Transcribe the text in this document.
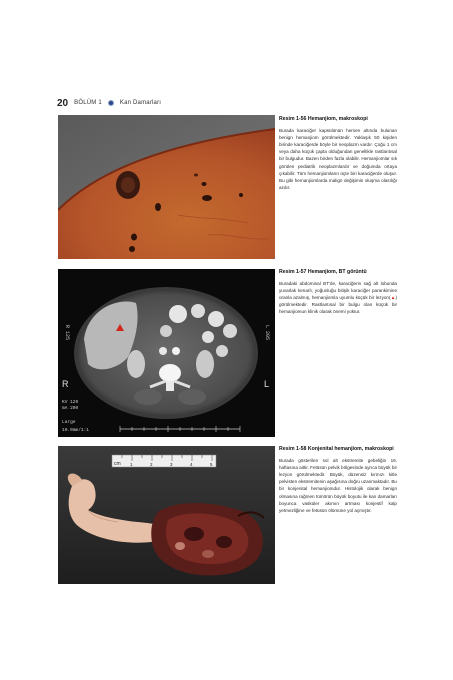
20 BÖLÜM 1	Kan Damarları
Resim 1-56 Hemanjiom, makroskopi

Burada karaciğer kapsülünün hemen altında bulunan benign hemanjiom görülmektedir. Yaklaşık 50 kişiden birinde karaciğerde böyle bir neoplazm vardır. Çoğu 1 cm veya daha küçük çapta olduğundan genellikle rastlantısal bir bulgudur. Bazen birden fazla olabilir. Hemanjiomlar sık görülen pediatrik neoplazmlardır ve doğumda ortaya çıkabilir. Tüm hemanjiomların üçte biri karaciğerde oluşur. Bu gibi hemanjiomlarda malign değişimin oluşma olasılığı azdır.

R	L
R 125	L 205
KV 120
mA 200
Large
10.0mm/1:1
Resim 1-57 Hemanjiom, BT görüntü

Buradaki abdominal BT'de, karaciğerin sağ alt lobunda yuvarlak kenarlı, yoğunluğu bitişik karaciğer parankimine oranla azalmış, hemanjiomla uyumlu küçük bir lezyon(▲) görülmektedir. Rastlantısal bir bulgu olan küçük bir hemanjiomun klinik olarak önemi yoktur.

cm 1	2	3	4	5
Resim 1-58 Konjenital hemanjiom, makroskopi

Burada gösterilen sol alt ekstremite gebeliğin 19. haftasına aittir. Fetüsün pelvik bölgesinde ayrıca büyük bir lezyon görülmektedir. Büyük, düzensiz kırmızı kitle pelvisten ekstremitenin aşağısına doğru uzanmaktadır. Bu bir konjenital hemanjiomdur. Histolojik olarak benign olmasına rağmen tümörün büyük boyutu ile kan damarları boyunca vasküler akımın artması konjestif kalp yetmezliğine ve fetüsün ölümüne yol açmıştır.
